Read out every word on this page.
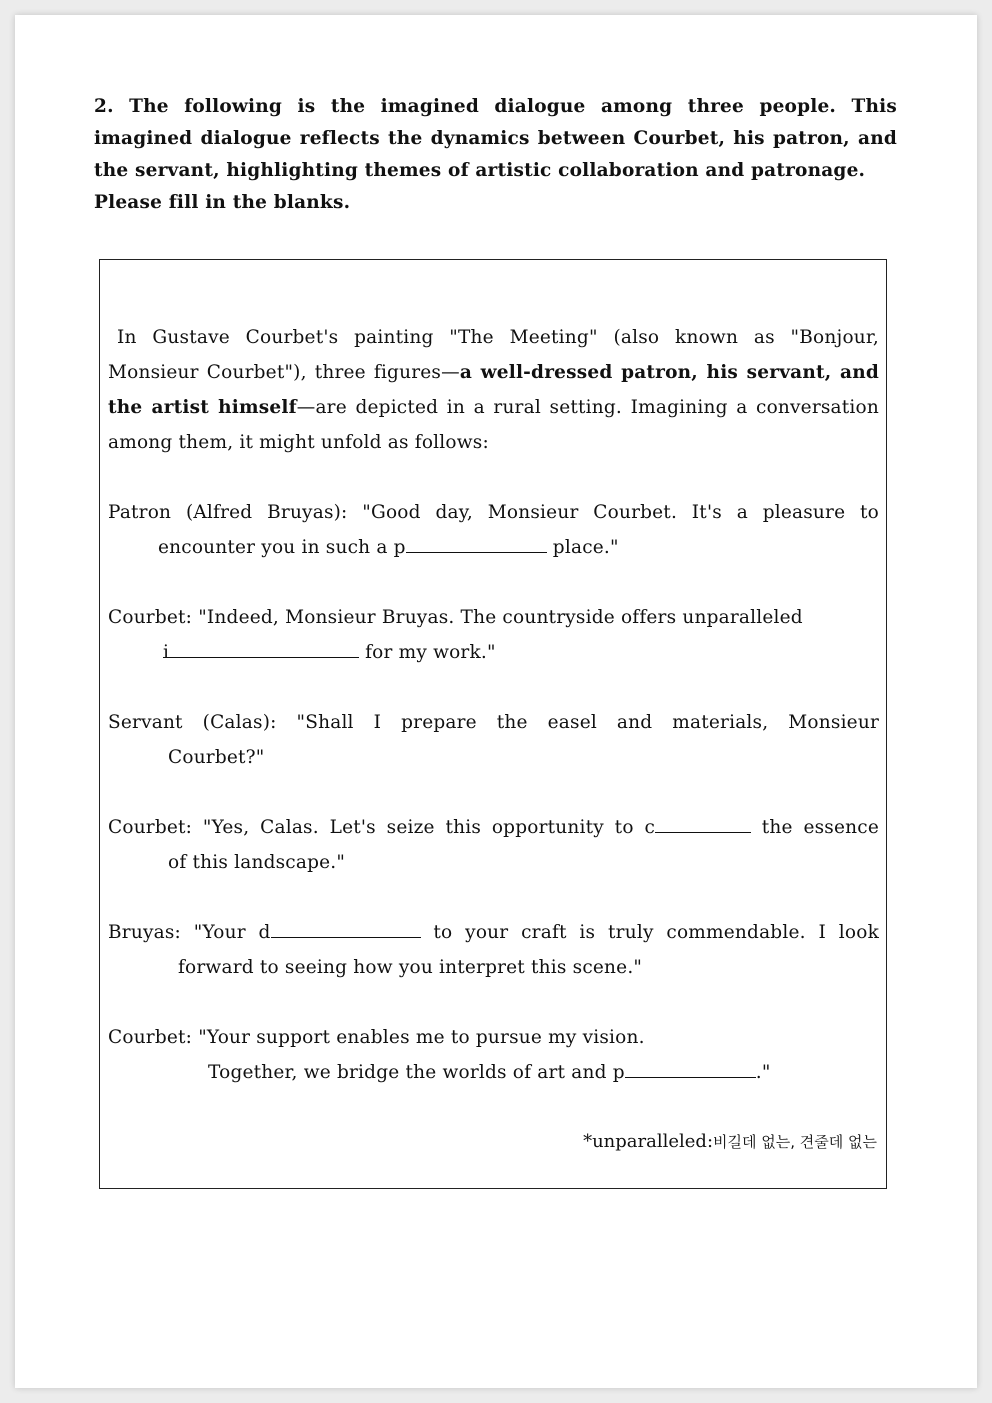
2. The following is the imagined dialogue among three people. This imagined dialogue reflects the dynamics between Courbet, his patron, and the servant, highlighting themes of artistic collaboration and patronage.
Please fill in the blanks.
In Gustave Courbet's painting "The Meeting" (also known as "Bonjour, Monsieur Courbet"), three figures—a well-dressed patron, his servant, and the artist himself—are depicted in a rural setting. Imagining a conversation among them, it might unfold as follows:
Patron (Alfred Bruyas): "Good day, Monsieur Courbet. It's a pleasure to
encounter you in such a p	place."
Courbet: "Indeed, Monsieur Bruyas. The countryside offers unparalleled
i	for my work."
Servant (Calas): "Shall I prepare the easel and materials, Monsieur
Courbet?"
Courbet: "Yes, Calas. Let's seize this opportunity to c	the essence
of this landscape."
Bruyas: "Your d	to your craft is truly commendable. I look
forward to seeing how you interpret this scene."
Courbet: "Your support enables me to pursue my vision.
Together, we bridge the worlds of art and p	."
*unparalleled:비길데 없는, 견줄데 없는
